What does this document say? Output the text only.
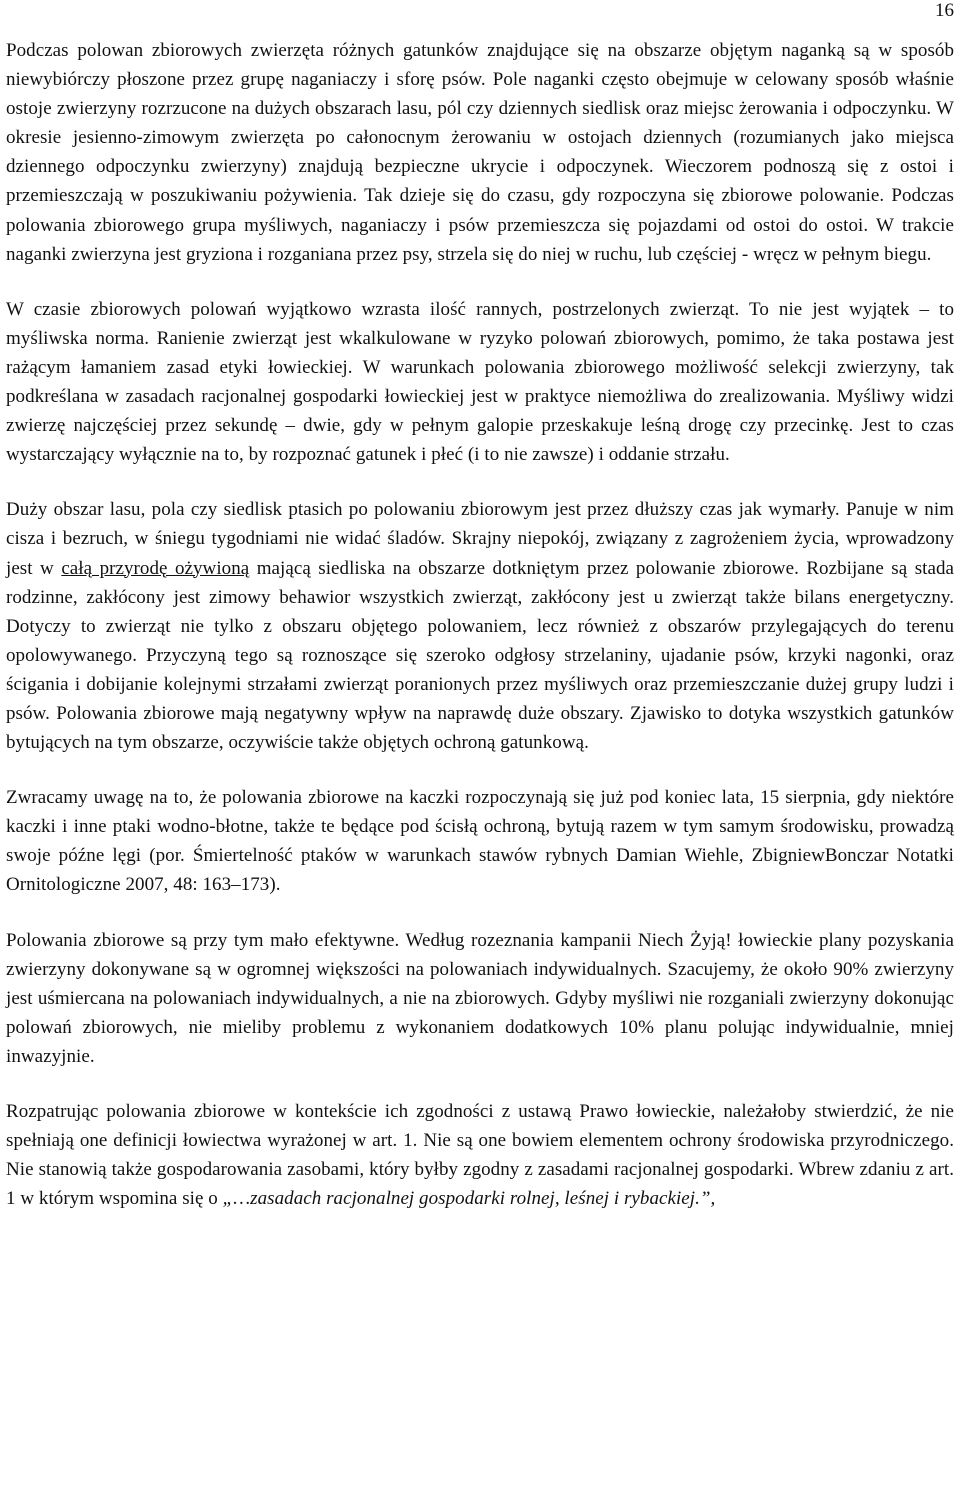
16

Podczas polowan zbiorowych zwierzęta różnych gatunków znajdujące się na obszarze objętym naganką są w sposób niewybiórczy płoszone przez grupę naganiaczy i sforę psów. Pole naganki często obejmuje w celowany sposób właśnie ostoje zwierzyny rozrzucone na dużych obszarach lasu, pól czy dziennych siedlisk oraz miejsc żerowania i odpoczynku. W okresie jesienno-zimowym zwierzęta po całonocnym żerowaniu w ostojach dziennych (rozumianych jako miejsca dziennego odpoczynku zwierzyny) znajdują bezpieczne ukrycie i odpoczynek. Wieczorem podnoszą się z ostoi i przemieszczają w poszukiwaniu pożywienia. Tak dzieje się do czasu, gdy rozpoczyna się zbiorowe polowanie. Podczas polowania zbiorowego grupa myśliwych, naganiaczy i psów przemieszcza się pojazdami od ostoi do ostoi. W trakcie naganki zwierzyna jest gryziona i rozganiana przez psy, strzela się do niej w ruchu, lub częściej - wręcz w pełnym biegu.

W czasie zbiorowych polowań wyjątkowo wzrasta ilość rannych, postrzelonych zwierząt. To nie jest wyjątek – to myśliwska norma. Ranienie zwierząt jest wkalkulowane w ryzyko polowań zbiorowych, pomimo, że taka postawa jest rażącym łamaniem zasad etyki łowieckiej. W warunkach polowania zbiorowego możliwość selekcji zwierzyny, tak podkreślana w zasadach racjonalnej gospodarki łowieckiej jest w praktyce niemożliwa do zrealizowania. Myśliwy widzi zwierzę najczęściej przez sekundę – dwie, gdy w pełnym galopie przeskakuje leśną drogę czy przecinkę. Jest to czas wystarczający wyłącznie na to, by rozpoznać gatunek i płeć (i to nie zawsze) i oddanie strzału.

Duży obszar lasu, pola czy siedlisk ptasich po polowaniu zbiorowym jest przez dłuższy czas jak wymarły. Panuje w nim cisza i bezruch, w śniegu tygodniami nie widać śladów. Skrajny niepokój, związany z zagrożeniem życia, wprowadzony jest w całą przyrodę ożywioną mającą siedliska na obszarze dotkniętym przez polowanie zbiorowe. Rozbijane są stada rodzinne, zakłócony jest zimowy behawior wszystkich zwierząt, zakłócony jest u zwierząt także bilans energetyczny. Dotyczy to zwierząt nie tylko z obszaru objętego polowaniem, lecz również z obszarów przylegających do terenu opolowywanego. Przyczyną tego są roznoszące się szeroko odgłosy strzelaniny, ujadanie psów, krzyki nagonki, oraz ścigania i dobijanie kolejnymi strzałami zwierząt poranionych przez myśliwych oraz przemieszczanie dużej grupy ludzi i psów. Polowania zbiorowe mają negatywny wpływ na naprawdę duże obszary. Zjawisko to dotyka wszystkich gatunków bytujących na tym obszarze, oczywiście także objętych ochroną gatunkową.

Zwracamy uwagę na to, że polowania zbiorowe na kaczki rozpoczynają się już pod koniec lata, 15 sierpnia, gdy niektóre kaczki i inne ptaki wodno-błotne, także te będące pod ścisłą ochroną, bytują razem w tym samym środowisku, prowadzą swoje późne lęgi (por. Śmiertelność ptaków w warunkach stawów rybnych Damian Wiehle, ZbigniewBonczar Notatki Ornitologiczne 2007, 48: 163–173).

Polowania zbiorowe są przy tym mało efektywne. Według rozeznania kampanii Niech Żyją! łowieckie plany pozyskania zwierzyny dokonywane są w ogromnej większości na polowaniach indywidualnych. Szacujemy, że około 90% zwierzyny jest uśmiercana na polowaniach indywidualnych, a nie na zbiorowych. Gdyby myśliwi nie rozganiali zwierzyny dokonując polowań zbiorowych, nie mieliby problemu z wykonaniem dodatkowych 10% planu polując indywidualnie, mniej inwazyjnie.

Rozpatrując polowania zbiorowe w kontekście ich zgodności z ustawą Prawo łowieckie, należałoby stwierdzić, że nie spełniają one definicji łowiectwa wyrażonej w art. 1. Nie są one bowiem elementem ochrony środowiska przyrodniczego. Nie stanowią także gospodarowania zasobami, który byłby zgodny z zasadami racjonalnej gospodarki. Wbrew zdaniu z art. 1 w którym wspomina się o „…zasadach racjonalnej gospodarki rolnej, leśnej i rybackiej.”,
